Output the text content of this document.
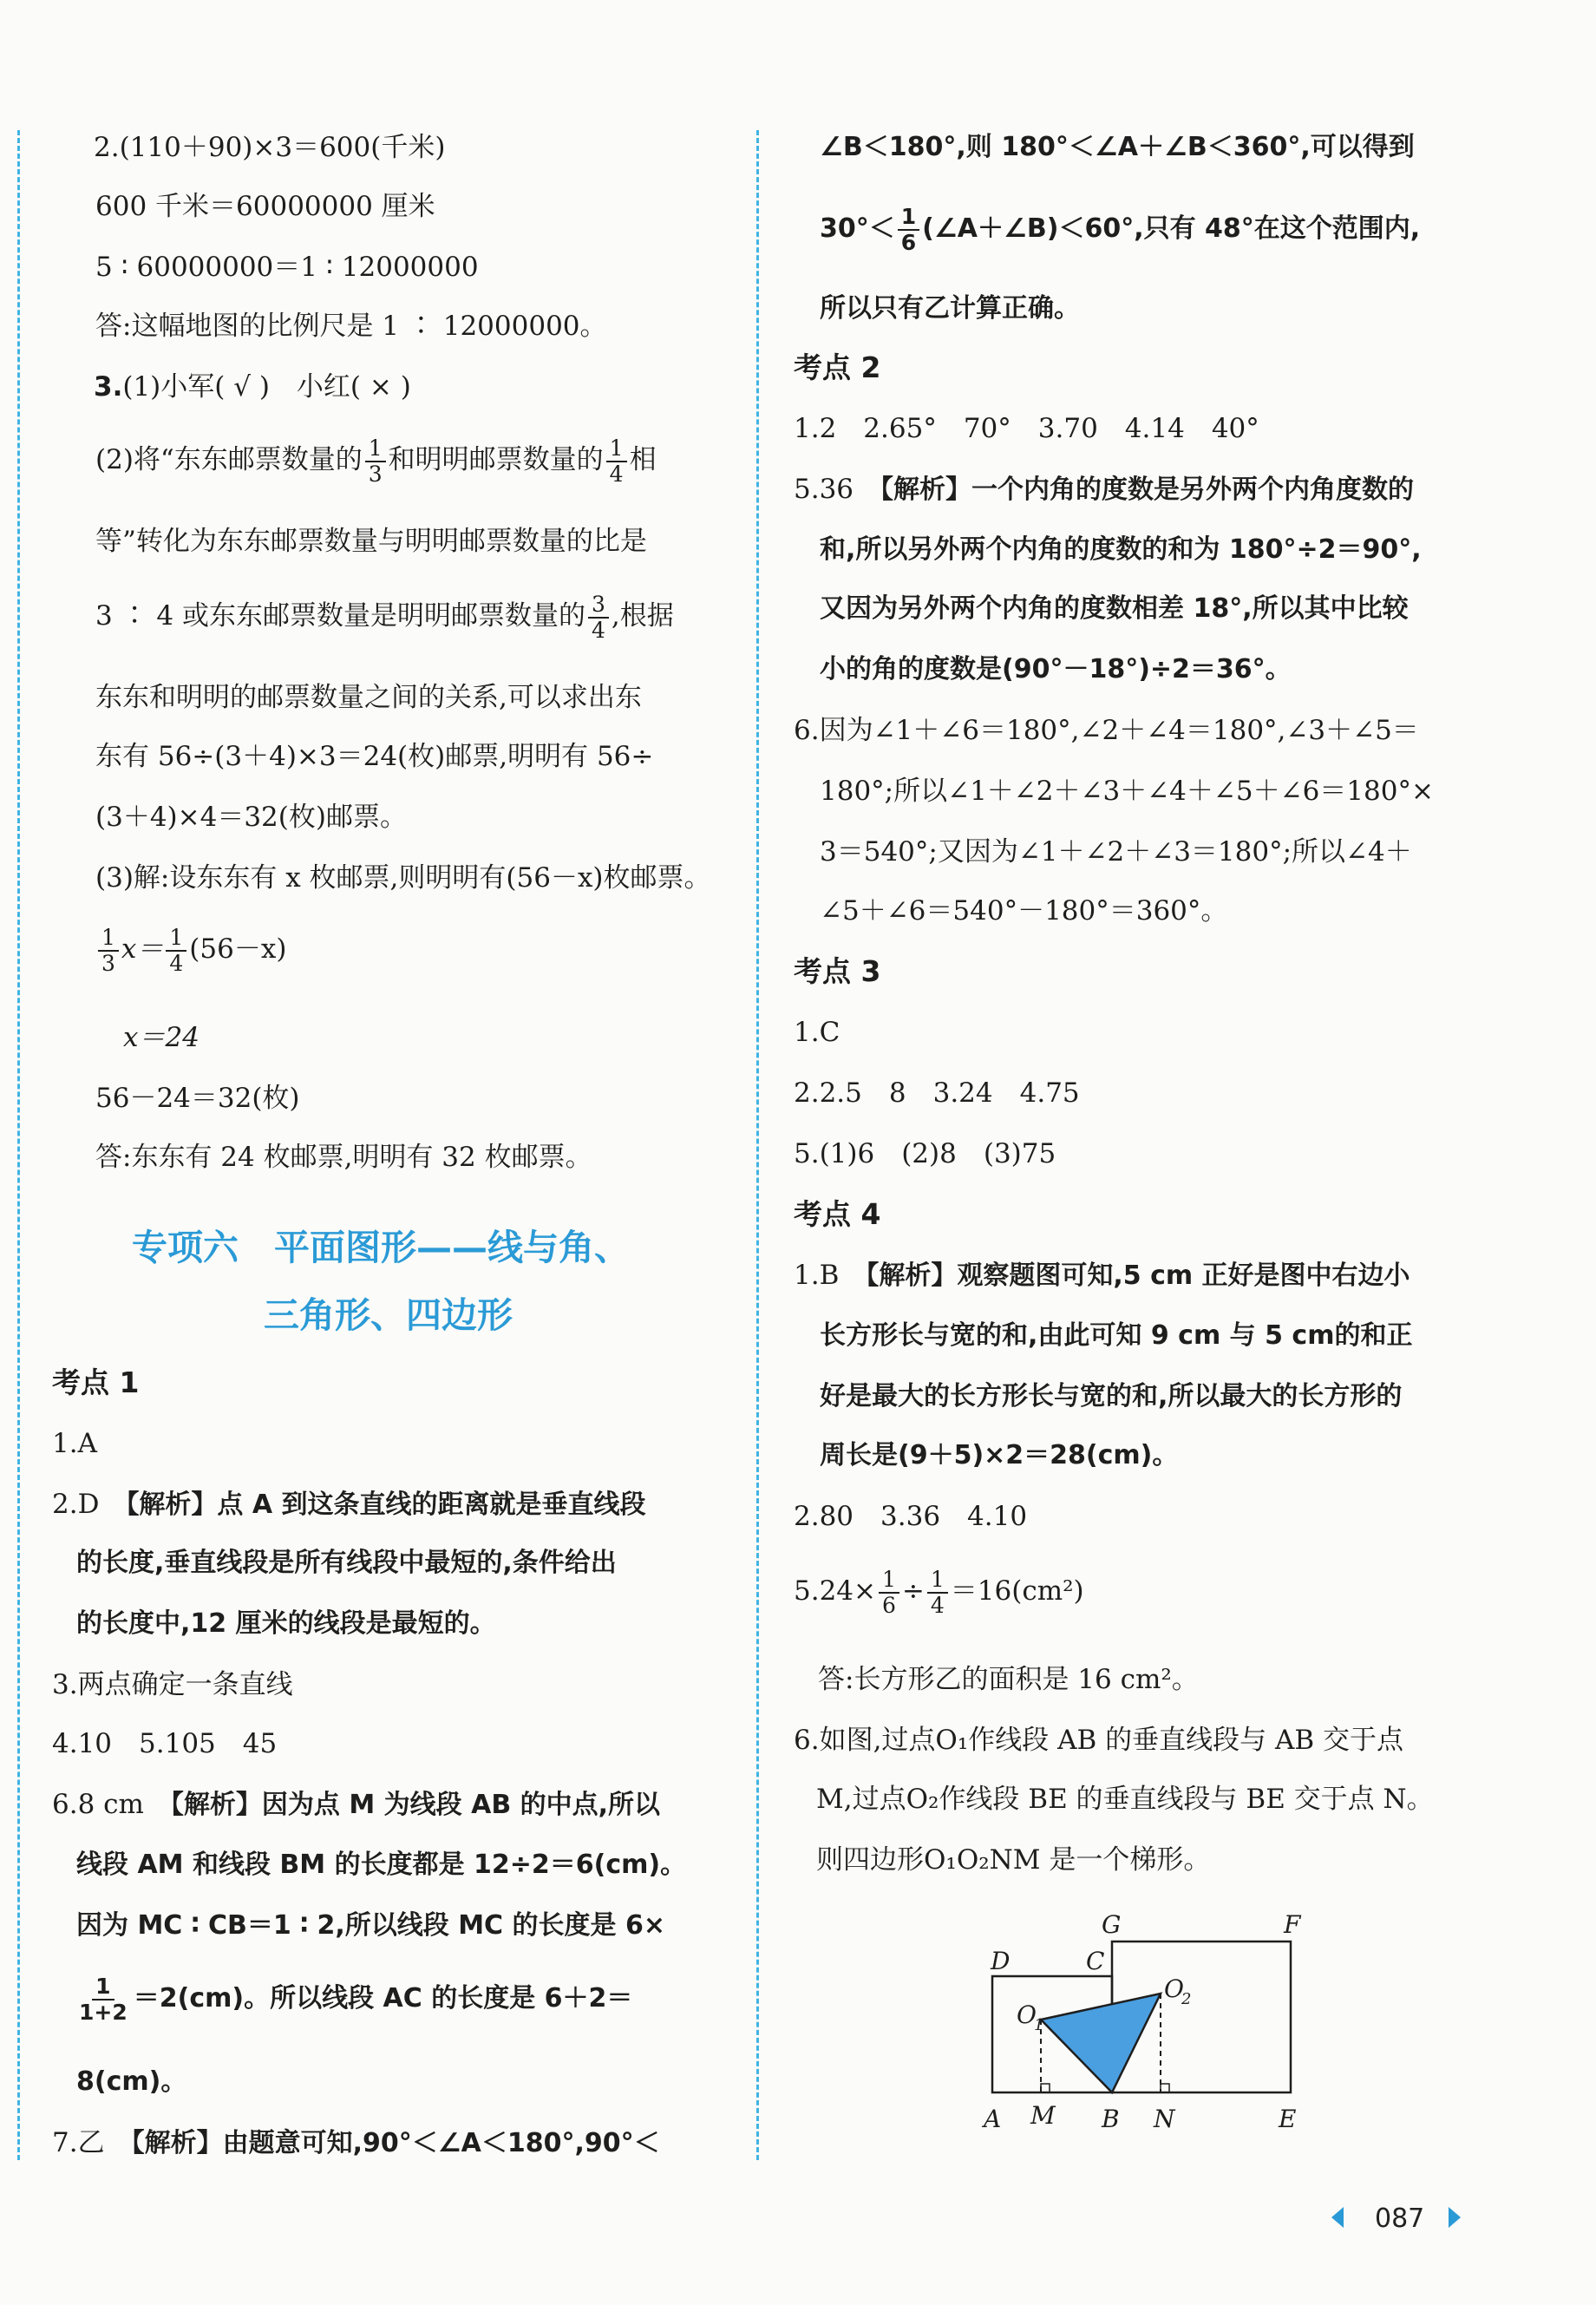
2.(110＋90)×3＝600(千米)
600 千米＝60000000 厘米
5 ∶ 60000000＝1 ∶ 12000000
答:这幅地图的比例尺是 1 ∶ 12000000。
3.(1)小军( √ )　小红( × )
(2)将“东东邮票数量的 $\frac{1}{3}$ 和明明邮票数量的 $\frac{1}{4}$ 相
等”转化为东东邮票数量与明明邮票数量的比是
3 ∶ 4 或东东邮票数量是明明邮票数量的 $\frac{3}{4}$ ,根据
东东和明明的邮票数量之间的关系,可以求出东
东有 56÷(3＋4)×3＝24(枚)邮票,明明有 56÷
(3＋4)×4＝32(枚)邮票。
(3)解:设东东有 x 枚邮票,则明明有(56－x)枚邮票。
$\frac{1}{3} x= \frac{1}{4} (56-x)$
x＝24
56－24＝32(枚)
答:东东有 24 枚邮票,明明有 32 枚邮票。
专项六　平面图形——线与角、
三角形、四边形
考点 1
1.A
2.D　 【解析】点 A 到这条直线的距离就是垂直线段
的长度,垂直线段是所有线段中最短的,条件给出
的长度中,12 厘米的线段是最短的。
3.两点确定一条直线
4.10　5.105　45
6.8 cm　 【解析】因为点 M 为线段 AB 的中点,所以
线段 AM 和线段 BM 的长度都是 12÷2＝6(cm)。
因为 MC ∶ CB＝1 ∶ 2,所以线段 MC 的长度是 6×
$\frac{1}{1+2} =2(cm)$。所以线段 AC 的长度是 6＋2＝
8(cm)。
7.乙　 【解析】由题意可知,90°＜∠A＜180°,90°＜
∠B＜180°,则 180°＜∠A＋∠B＜360°,可以得到
$30^\circ< \frac{1}{6}$ (∠A＋∠B)＜60°,只有 48°在这个范围内,
所以只有乙计算正确。
考点 2
1.2　2.65°　70°　3.70　4.14　40°
5.36　 【解析】一个内角的度数是另外两个内角度数的
和,所以另外两个内角的度数的和为 180°÷2＝90°,
又因为另外两个内角的度数相差 18°,所以其中比较
小的角的度数是(90°－18°)÷2＝36°。
6.因为∠1＋∠6＝180°,∠2＋∠4＝180°,∠3＋∠5＝
180°;所以∠1＋∠2＋∠3＋∠4＋∠5＋∠6＝180°×
3＝540°;又因为∠1＋∠2＋∠3＝180°;所以∠4＋
∠5＋∠6＝540°－180°＝360°。
考点 3
1.C
2.2.5　8　3.24　4.75
5.(1)6　(2)8　(3)75
考点 4
1.B　 【解析】观察题图可知,5 cm 正好是图中右边小
长方形长与宽的和,由此可知 9 cm 与 5 cm的和正
好是最大的长方形长与宽的和,所以最大的长方形的
周长是(9＋5)×2＝28(cm)。
2.80　3.36　4.10
$5.24\times \frac{1}{6} \div \frac{1}{4} =16(cm^2)$
答:长方形乙的面积是 16 cm²。
6.如图,过点O₁作线段 AB 的垂直线段与 AB 交于点
M,过点O₂作线段 BE 的垂直线段与 BE 交于点 N。
则四边形O₁O₂NM 是一个梯形。
G	F
D	C
O
1
O
2
A M B N	E
087
